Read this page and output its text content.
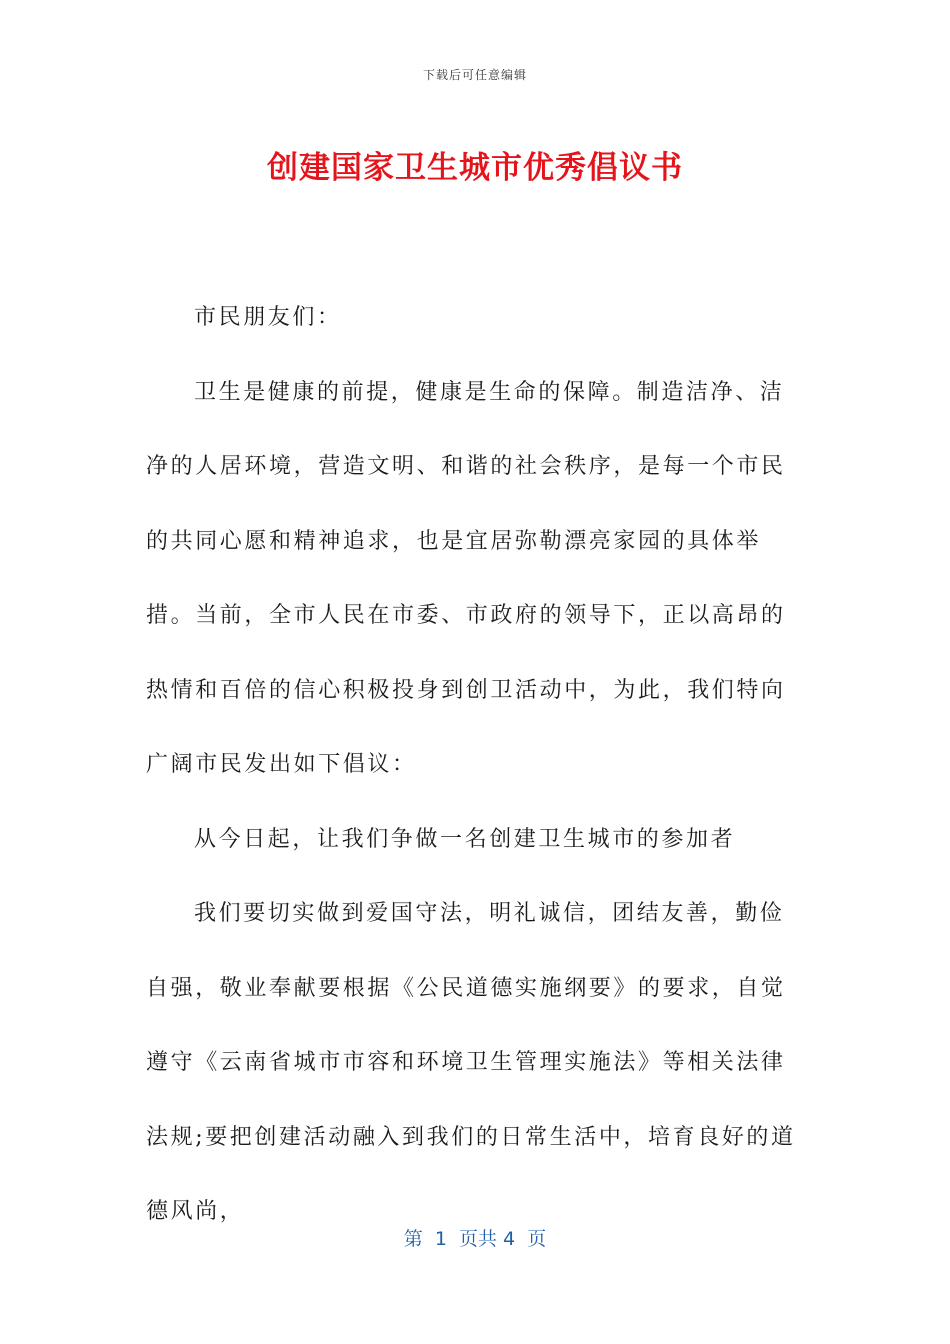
下载后可任意编辑
创建国家卫生城市优秀倡议书

市民朋友们：

卫生是健康的前提，健康是生命的保障。制造洁净、洁净的人居环境，营造文明、和谐的社会秩序，是每一个市民的共同心愿和精神追求，也是宜居弥勒漂亮家园的具体举措。当前，全市人民在市委、市政府的领导下，正以高昂的热情和百倍的信心积极投身到创卫活动中，为此，我们特向广阔市民发出如下倡议：

从今日起，让我们争做一名创建卫生城市的参加者

我们要切实做到爱国守法，明礼诚信，团结友善，勤俭自强，敬业奉献要根据《公民道德实施纲要》的要求，自觉遵守《云南省城市市容和环境卫生管理实施法》等相关法律法规;要把创建活动融入到我们的日常生活中，培育良好的道德风尚，

第  1  页共 4  页
